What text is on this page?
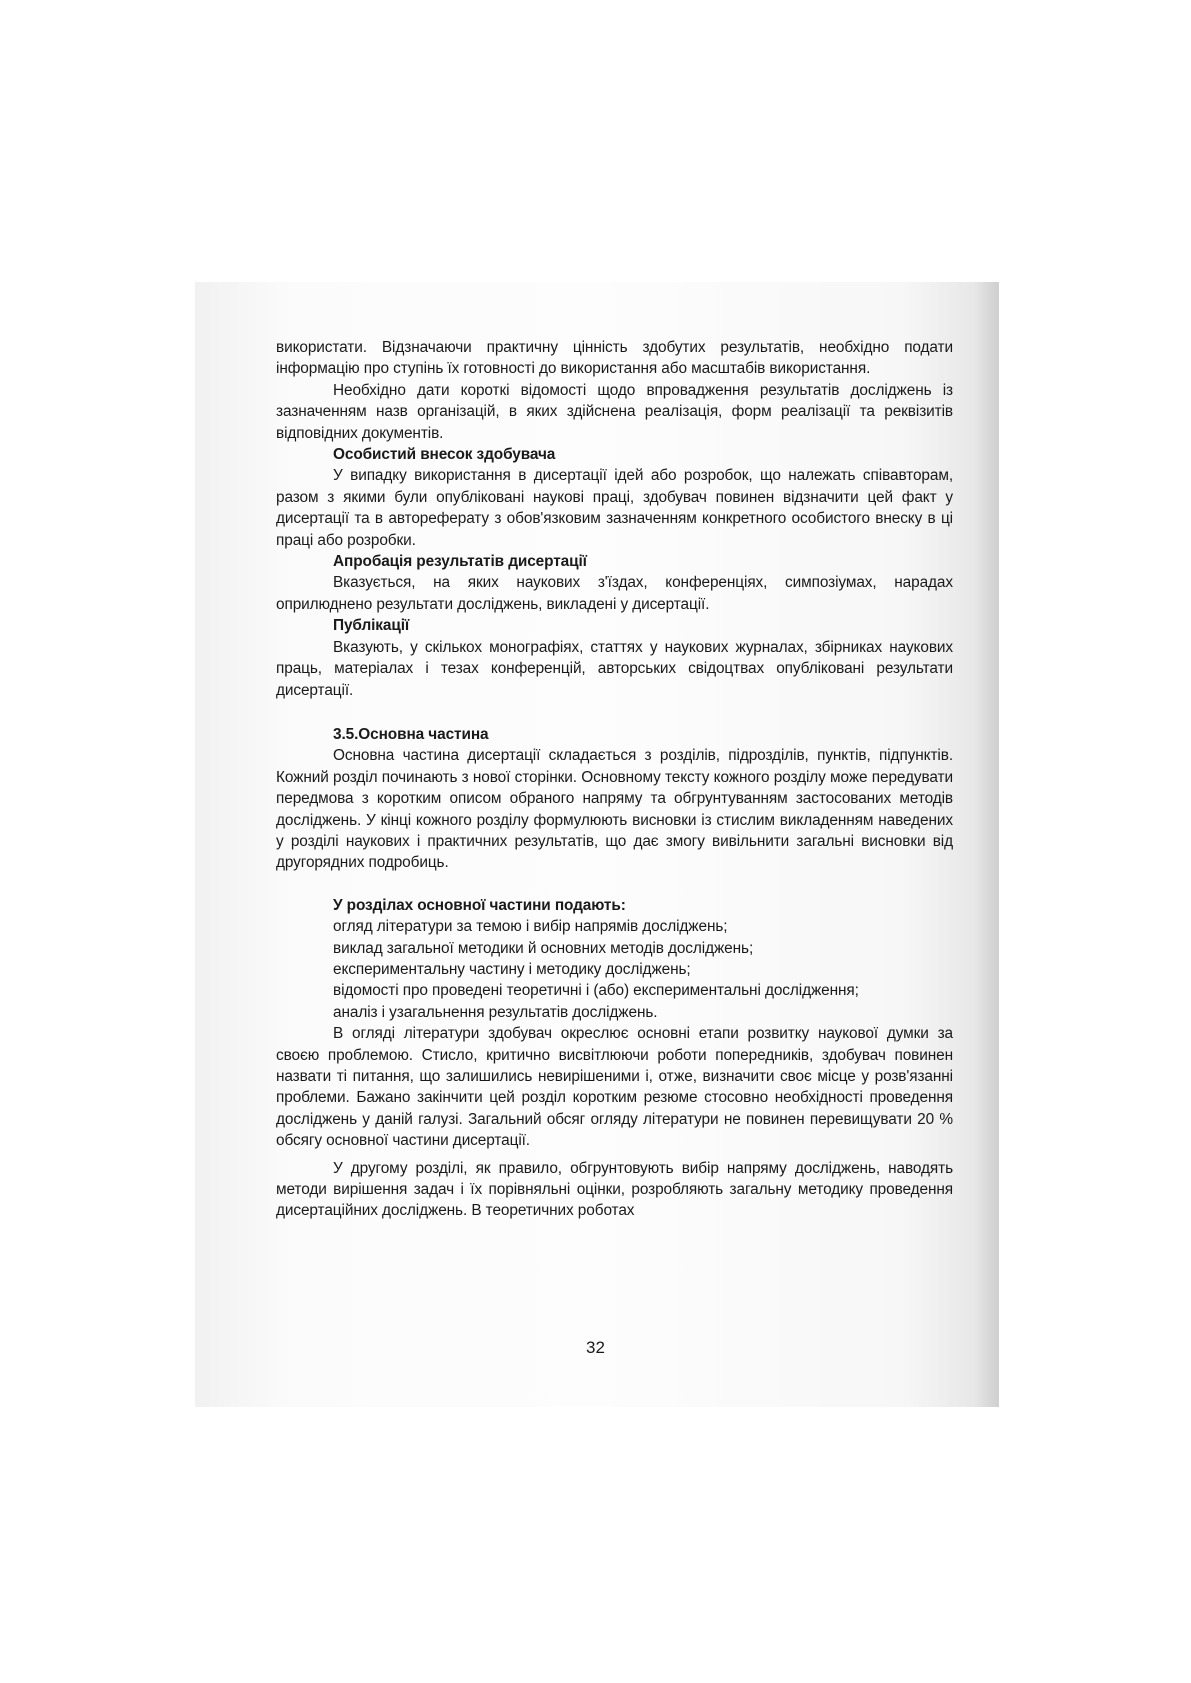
використати. Відзначаючи практичну цінність здобутих результатів, необхідно подати інформацію про ступінь їх готовності до використання або масштабів використання.

Необхідно дати короткі відомості щодо впровадження результатів досліджень із зазначенням назв організацій, в яких здійснена реалізація, форм реалізації та реквізитів відповідних документів.

Особистий внесок здобувача

У випадку використання в дисертації ідей або розробок, що належать співавторам, разом з якими були опубліковані наукові праці, здобувач повинен відзначити цей факт у дисертації та в автореферату з обов'язковим зазначенням конкретного особистого внеску в ці праці або розробки.

Апробація результатів дисертації

Вказується, на яких наукових з'їздах, конференціях, симпозіумах, нарадах оприлюднено результати досліджень, викладені у дисертації.

Публікації

Вказують, у скількох монографіях, статтях у наукових журналах, збірниках наукових праць, матеріалах і тезах конференцій, авторських свідоцтвах опубліковані результати дисертації.

3.5.Основна частина

Основна частина дисертації складається з розділів, підрозділів, пунктів, підпунктів. Кожний розділ починають з нової сторінки. Основному тексту кожного розділу може передувати передмова з коротким описом обраного напряму та обгрунтуванням застосованих методів досліджень. У кінці кожного розділу формулюють висновки із стислим викладенням наведених у розділі наукових і практичних результатів, що дає змогу вивільнити загальні висновки від другорядних подробиць.

У розділах основної частини подають:
огляд літератури за темою і вибір напрямів досліджень;
виклад загальної методики й основних методів досліджень;
експериментальну частину і методику досліджень;
відомості про проведені теоретичні і (або) експериментальні дослідження;
аналіз і узагальнення результатів досліджень.

В огляді літератури здобувач окреслює основні етапи розвитку наукової думки за своєю проблемою. Стисло, критично висвітлюючи роботи попередників, здобувач повинен назвати ті питання, що залишились невирішеними і, отже, визначити своє місце у розв'язанні проблеми. Бажано закінчити цей розділ коротким резюме стосовно необхідності проведення досліджень у даній галузі. Загальний обсяг огляду літератури не повинен перевищувати 20 % обсягу основної частини дисертації.

У другому розділі, як правило, обгрунтовують вибір напряму досліджень, наводять методи вирішення задач і їх порівняльні оцінки, розробляють загальну методику проведення дисертаційних досліджень. В теоретичних роботах

32
